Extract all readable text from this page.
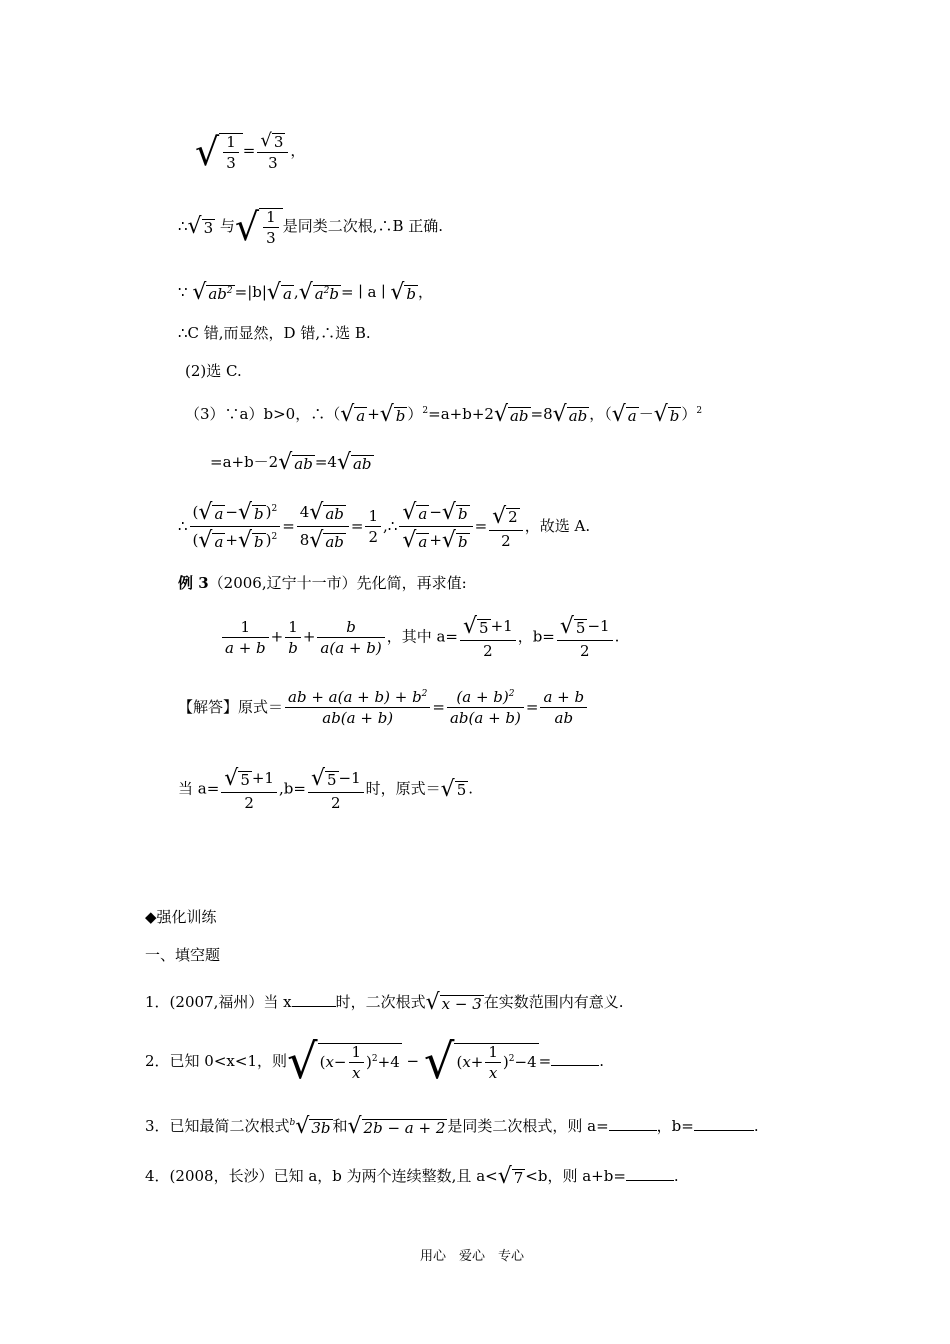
√ $\frac{1}{3} = \frac{√ 3}{3}$ ，
∴√ 3 与√ $\frac{1}{3}$ 是同类二次根,∴B 正确.
∵ √ $ab^2 =|b|√$ a ,√ $a^2b$ = ∣ a ∣ √ b ，
∴C 错,而显然，D 错,∴选 B.
(2)选 C.
（3）∵a）b>0，∴（√ a +√ b ）$^2$=a+b+2√ ab =8√ ab ，（√ a －√ b ）$^2$
=a+b－2√ ab =4√ ab
∴ $\frac{(√ a -√ b )^2}{(√ a +√ b )^2} = \frac{4√ ab}{8√ ab} = \frac{1}{2}$ ,∴ $\frac{√ a -√ b}{√ a +√ b} = \frac{√ 2}{2}$ ，故选 A.
例 3（2006,辽宁十一市）先化简，再求值:
$\frac{1}{a + b} + \frac{1}{b} + \frac{b}{a(a + b)}$ ，其中 $a= \frac{√ 5 +1}{2}$ ，$b= \frac{√ 5 -1}{2}$ .
【解答】原式＝ $\frac{ab + a(a + b) + b^2}{ab(a + b)} = \frac{(a + b)^2}{ab(a + b)} = \frac{a + b}{ab}$
当 $a= \frac{√ 5 +1}{2} ,b= \frac{√ 5 -1}{2}$ 时，原式＝√ 5 .
◆强化训练
一、填空题
1．(2007,福州）当 x	时，二次根式√ x − 3 在实数范围内有意义.
2．已知 0<x<1，则√ $(x- \frac{1}{x} )^2+4$ − √ $(x+ \frac{1}{x} )^2-4$ =	.
3．已知最简二次根式$^b$√ 3b 和√ 2b − a + 2 是同类二次根式，则 a=	，b=	.
4．(2008，长沙）已知 a，b 为两个连续整数,且 a<√ 7 <b，则 a+b=	.
用心　爱心　专心
